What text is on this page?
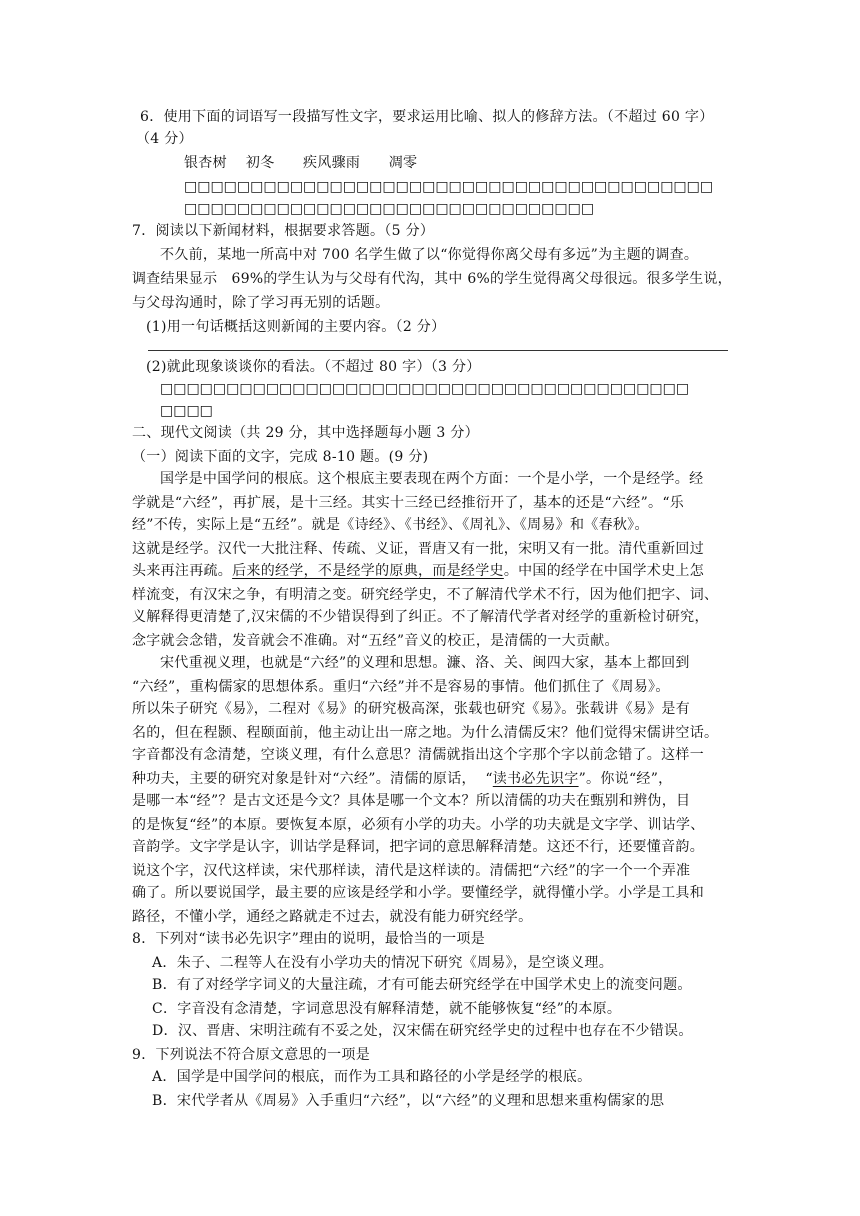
6．使用下面的词语写一段描写性文字，要求运用比喻、拟人的修辞方法。（不超过 60 字）
（4 分）
银杏树    初冬      疾风骤雨      凋零
□□□□□□□□□□□□□□□□□□□□□□□□□□□□□□□□□□□□□□□□
□□□□□□□□□□□□□□□□□□□□□□□□□□□□□□□
7．阅读以下新闻材料，根据要求答题。（5 分）
不久前，某地一所高中对 700 名学生做了以“你觉得你离父母有多远”为主题的调查。
调查结果显示   69%的学生认为与父母有代沟，其中 6%的学生觉得离父母很远。很多学生说，
与父母沟通时，除了学习再无别的话题。
(1)用一句话概括这则新闻的主要内容。（2 分）
(2)就此现象谈谈你的看法。（不超过 80 字）（3 分）
□□□□□□□□□□□□□□□□□□□□□□□□□□□□□□□□□□□□□□□□
□□□□
二、现代文阅读（共 29 分，其中选择题每小题 3 分）
（一）阅读下面的文字，完成 8-10 题。(9 分)
国学是中国学问的根底。这个根底主要表现在两个方面：一个是小学，一个是经学。经
学就是“六经”，再扩展，是十三经。其实十三经已经推衍开了，基本的还是“六经”。“乐
经”不传，实际上是“五经”。就是《诗经》、《书经》、《周礼》、《周易》和《春秋》。
这就是经学。汉代一大批注释、传疏、义证，晋唐又有一批，宋明又有一批。清代重新回过
头来再注再疏。后来的经学，不是经学的原典，而是经学史。中国的经学在中国学术史上怎
样流变，有汉宋之争，有明清之变。研究经学史，不了解清代学术不行，因为他们把字、词、
义解释得更清楚了,汉宋儒的不少错误得到了纠正。不了解清代学者对经学的重新检讨研究，
念字就会念错，发音就会不准确。对“五经”音义的校正，是清儒的一大贡献。
宋代重视义理，也就是“六经”的义理和思想。濂、洛、关、闽四大家，基本上都回到
“六经”，重构儒家的思想体系。重归“六经”并不是容易的事情。他们抓住了《周易》。
所以朱子研究《易》，二程对《易》的研究极高深，张载也研究《易》。张载讲《易》是有
名的，但在程颢、程颐面前，他主动让出一席之地。为什么清儒反宋？他们觉得宋儒讲空话。
字音都没有念清楚，空谈义理，有什么意思？清儒就指出这个字那个字以前念错了。这样一
种功夫，主要的研究对象是针对“六经”。清儒的原话，  “读书必先识字”。你说“经”，
是哪一本“经”？是古文还是今文？具体是哪一个文本？所以清儒的功夫在甄别和辨伪，目
的是恢复“经”的本原。要恢复本原，必须有小学的功夫。小学的功夫就是文字学、训诂学、
音韵学。文字学是认字，训诂学是释词，把字词的意思解释清楚。这还不行，还要懂音韵。
说这个字，汉代这样读，宋代那样读，清代是这样读的。清儒把“六经”的字一个一个弄准
确了。所以要说国学，最主要的应该是经学和小学。要懂经学，就得懂小学。小学是工具和
路径，不懂小学，通经之路就走不过去，就没有能力研究经学。
8．下列对“读书必先识字”理由的说明，最恰当的一项是
A．朱子、二程等人在没有小学功夫的情况下研究《周易》，是空谈义理。
B．有了对经学字词义的大量注疏，才有可能去研究经学在中国学术史上的流变问题。
C．字音没有念清楚，字词意思没有解释清楚，就不能够恢复“经”的本原。
D．汉、晋唐、宋明注疏有不妥之处，汉宋儒在研究经学史的过程中也存在不少错误。
9．下列说法不符合原文意思的一项是
A．国学是中国学问的根底，而作为工具和路径的小学是经学的根底。
B．宋代学者从《周易》入手重归“六经”，以“六经”的义理和思想来重构儒家的思
